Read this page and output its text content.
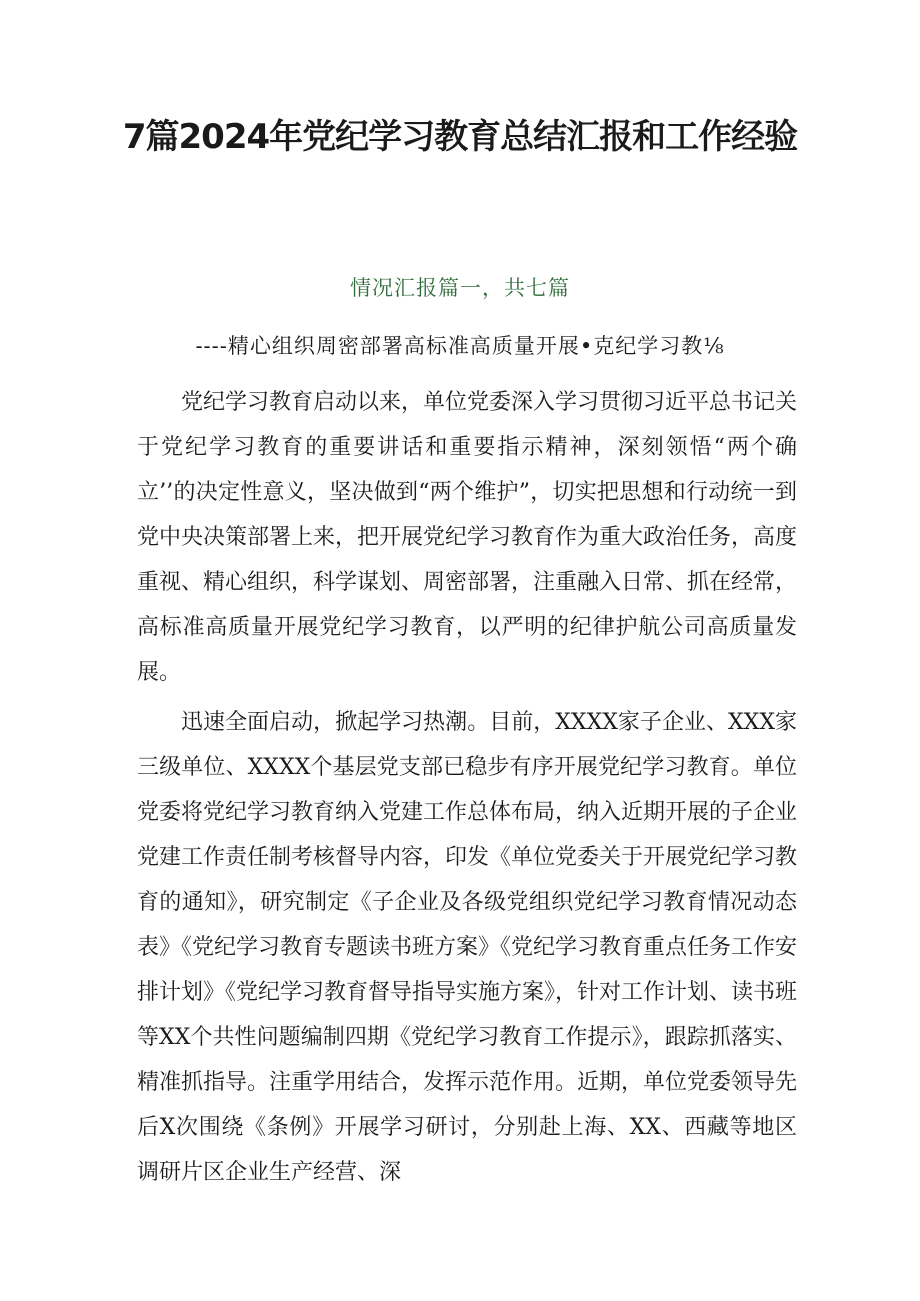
7篇2024年党纪学习教育总结汇报和工作经验
情况汇报篇一，共七篇
----精心组织周密部署高标准高质量开展•克纪学习教⅛

党纪学习教育启动以来，单位党委深入学习贯彻习近平总书记关于党纪学习教育的重要讲话和重要指示精神，深刻领悟“两个确立’’的决定性意义，坚决做到“两个维护”，切实把思想和行动统一到党中央决策部署上来，把开展党纪学习教育作为重大政治任务，高度重视、精心组织，科学谋划、周密部署，注重融入日常、抓在经常，高标准高质量开展党纪学习教育，以严明的纪律护航公司高质量发展。

迅速全面启动，掀起学习热潮。目前，XXXX家子企业、XXX家三级单位、XXXX个基层党支部已稳步有序开展党纪学习教育。单位党委将党纪学习教育纳入党建工作总体布局，纳入近期开展的子企业党建工作责任制考核督导内容，印发《单位党委关于开展党纪学习教育的通知》，研究制定《子企业及各级党组织党纪学习教育情况动态表》《党纪学习教育专题读书班方案》《党纪学习教育重点任务工作安排计划》《党纪学习教育督导指导实施方案》，针对工作计划、读书班等XX个共性问题编制四期《党纪学习教育工作提示》，跟踪抓落实、精准抓指导。注重学用结合，发挥示范作用。近期，单位党委领导先后X次围绕《条例》开展学习研讨，分别赴上海、XX、西藏等地区调研片区企业生产经营、深
